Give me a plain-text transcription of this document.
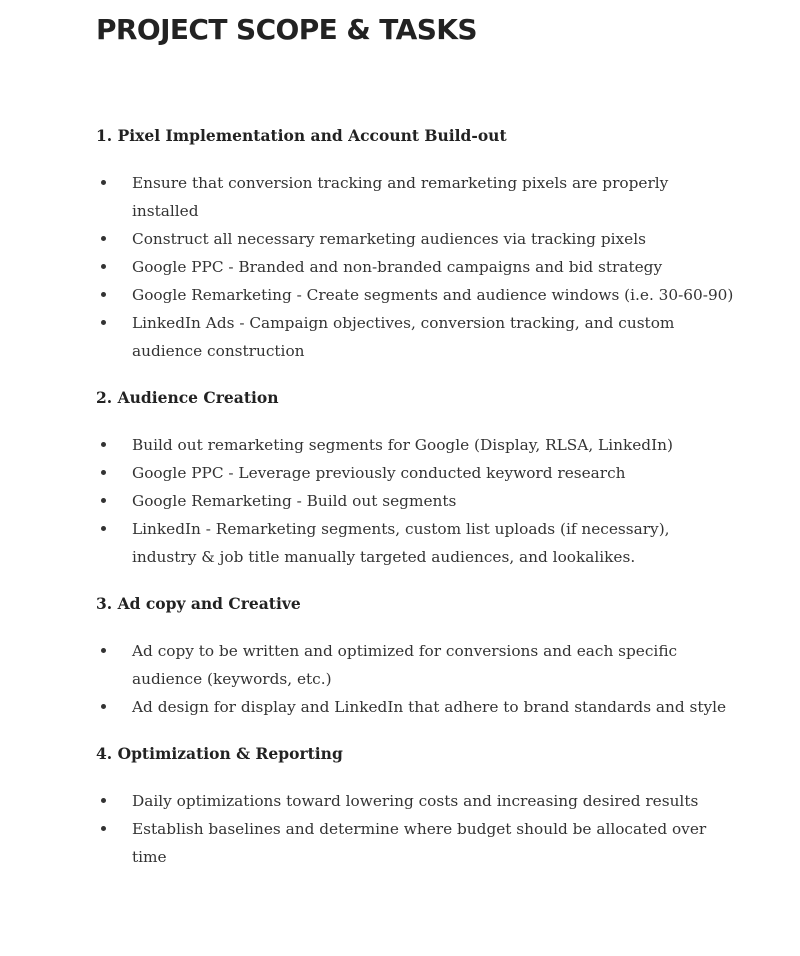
PROJECT SCOPE & TASKS
1. Pixel Implementation and Account Build-out
Ensure that conversion tracking and remarketing pixels are properly installed
Construct all necessary remarketing audiences via tracking pixels
Google PPC - Branded and non-branded campaigns and bid strategy
Google Remarketing - Create segments and audience windows (i.e. 30-60-90)
LinkedIn Ads - Campaign objectives, conversion tracking, and custom audience construction
2. Audience Creation
Build out remarketing segments for Google (Display, RLSA, LinkedIn)
Google PPC - Leverage previously conducted keyword research
Google Remarketing - Build out segments
LinkedIn - Remarketing segments, custom list uploads (if necessary), industry & job title manually targeted audiences, and lookalikes.
3. Ad copy and Creative
Ad copy to be written and optimized for conversions and each specific audience (keywords, etc.)
Ad design for display and LinkedIn that adhere to brand standards and style
4. Optimization & Reporting
Daily optimizations toward lowering costs and increasing desired results
Establish baselines and determine where budget should be allocated over time
